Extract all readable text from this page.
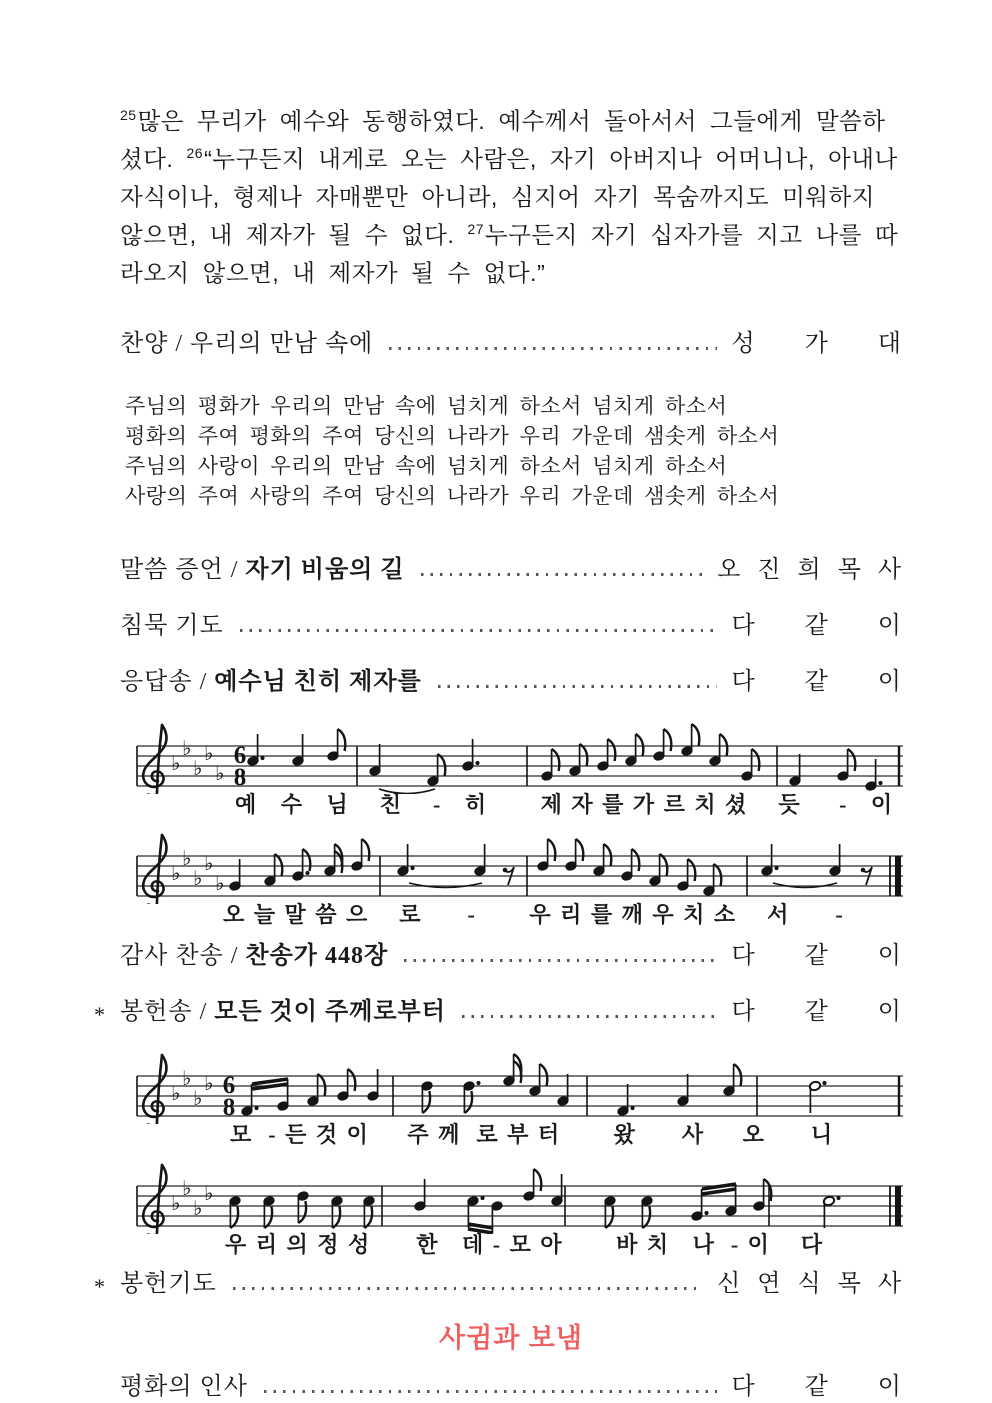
$^{25}$많은 무리가 예수와 동행하였다. 예수께서 돌아서서 그들에게 말씀하셨다. $^{26}$“누구든지 내게로 오는 사람은, 자기 아버지나 어머니나, 아내나 자식이나, 형제나 자매뿐만 아니라, 심지어 자기 목숨까지도 미워하지 않으면, 내 제자가 될 수 없다. $^{27}$누구든지 자기 십자가를 지고 나를 따라오지 않으면, 내 제자가 될 수 없다.”

찬양 / 우리의 만남 속에	성 가 대
주님의 평화가 우리의 만남 속에 넘치게 하소서 넘치게 하소서
평화의 주여 평화의 주여 당신의 나라가 우리 가운데 샘솟게 하소서
주님의 사랑이 우리의 만남 속에 넘치게 하소서 넘치게 하소서
사랑의 주여 사랑의 주여 당신의 나라가 우리 가운데 샘솟게 하소서
말씀 증언 / 자기 비움의 길	오 진 희 목 사
침묵 기도	다 같 이
응답송 / 예수님 친히 제자를	다 같 이
♭
♭
♭
♭
♭
6
8
예   수   님    친    -   히       제 자 를 가 르 치 셨    듯     -   이
♭
♭
♭
♭
♭
오 늘 말 씀 으    로      -       우 리 를 깨 우 치 소    서      -
감사 찬송 / 찬송가 448장	다 같 이
* 봉헌송 / 모든 것이 주께로부터	다 같 이
♭
♭
♭
♭ 6
8
모  - 든 것 이     주 께  로 부 터       왔      사     오      니
♭
♭
♭
♭
우 리 의 정 성      한   데 - 모 아       바 치   나  - 이    다
* 봉헌기도	신 연 식 목 사
사귐과 보냄
평화의 인사	다 같 이
